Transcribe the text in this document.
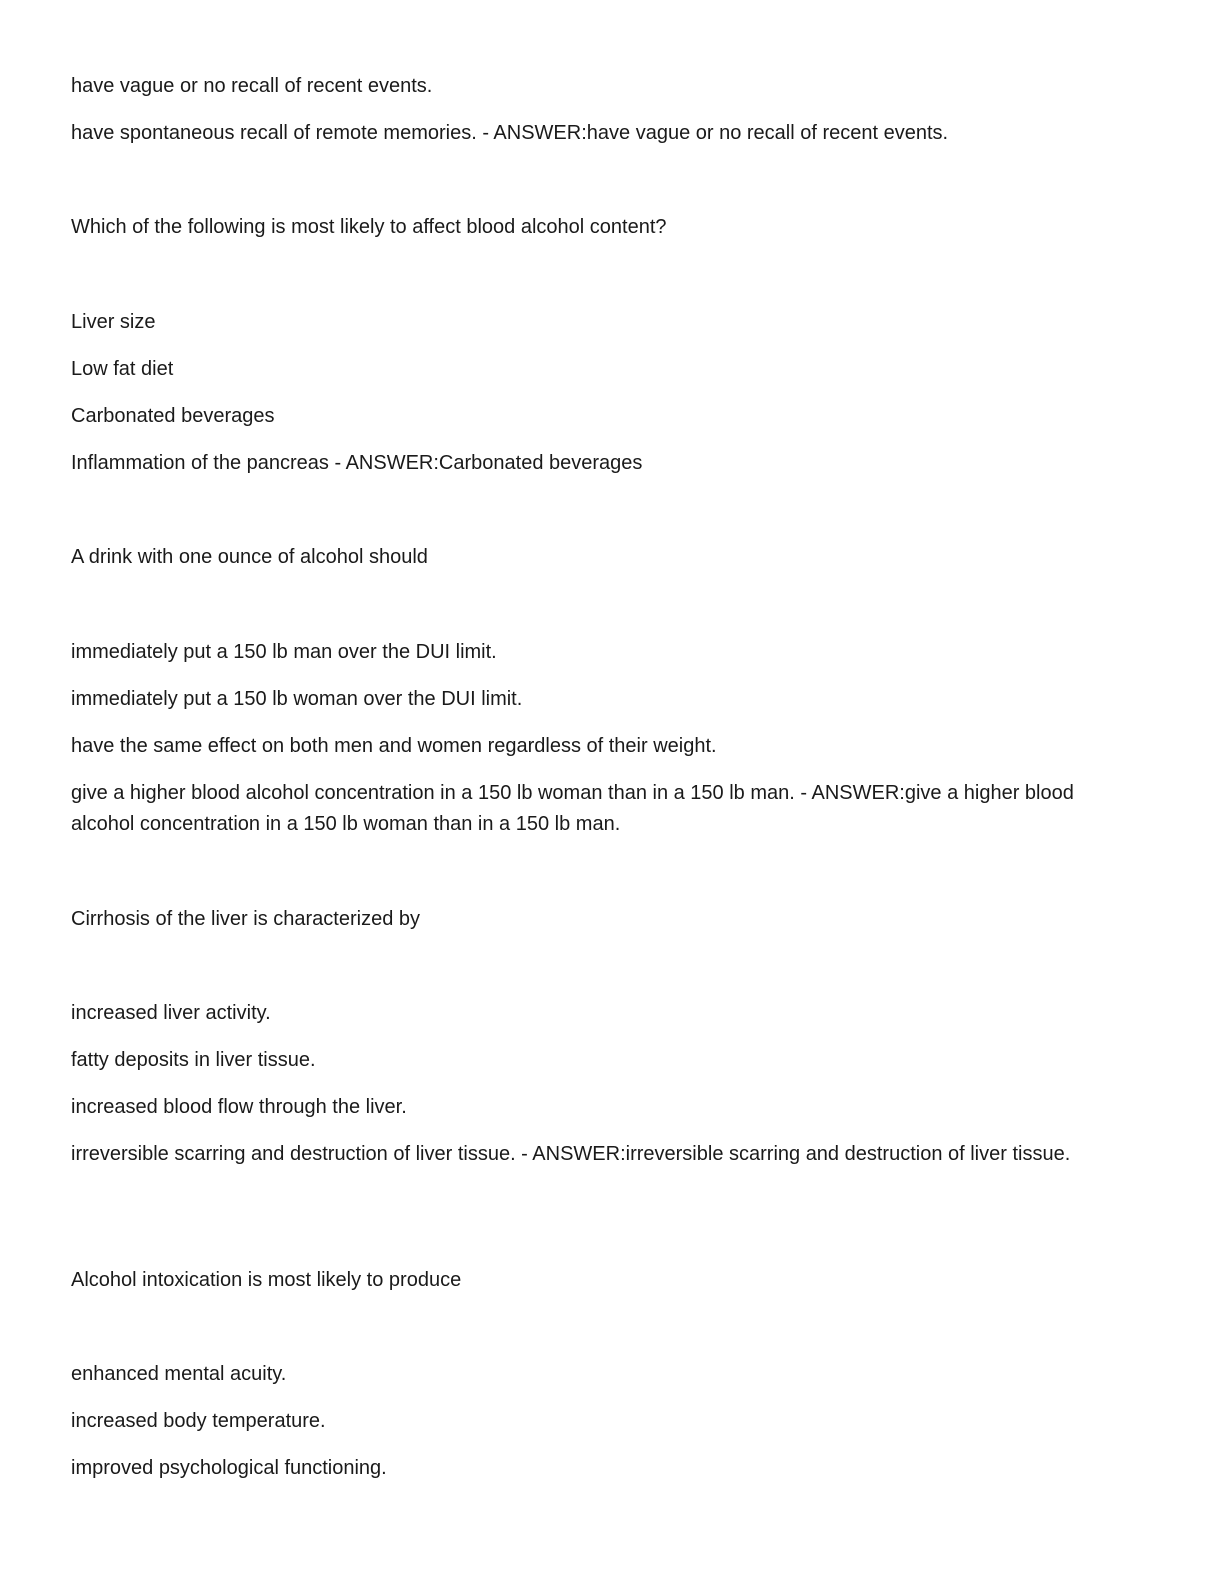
have vague or no recall of recent events.

have spontaneous recall of remote memories. - ANSWER:have vague or no recall of recent events.

Which of the following is most likely to affect blood alcohol content?

Liver size

Low fat diet

Carbonated beverages

Inflammation of the pancreas - ANSWER:Carbonated beverages

A drink with one ounce of alcohol should

immediately put a 150 lb man over the DUI limit.

immediately put a 150 lb woman over the DUI limit.

have the same effect on both men and women regardless of their weight.

give a higher blood alcohol concentration in a 150 lb woman than in a 150 lb man. - ANSWER:give a higher blood alcohol concentration in a 150 lb woman than in a 150 lb man.

Cirrhosis of the liver is characterized by

increased liver activity.

fatty deposits in liver tissue.

increased blood flow through the liver.

irreversible scarring and destruction of liver tissue. - ANSWER:irreversible scarring and destruction of liver tissue.

Alcohol intoxication is most likely to produce

enhanced mental acuity.

increased body temperature.

improved psychological functioning.
